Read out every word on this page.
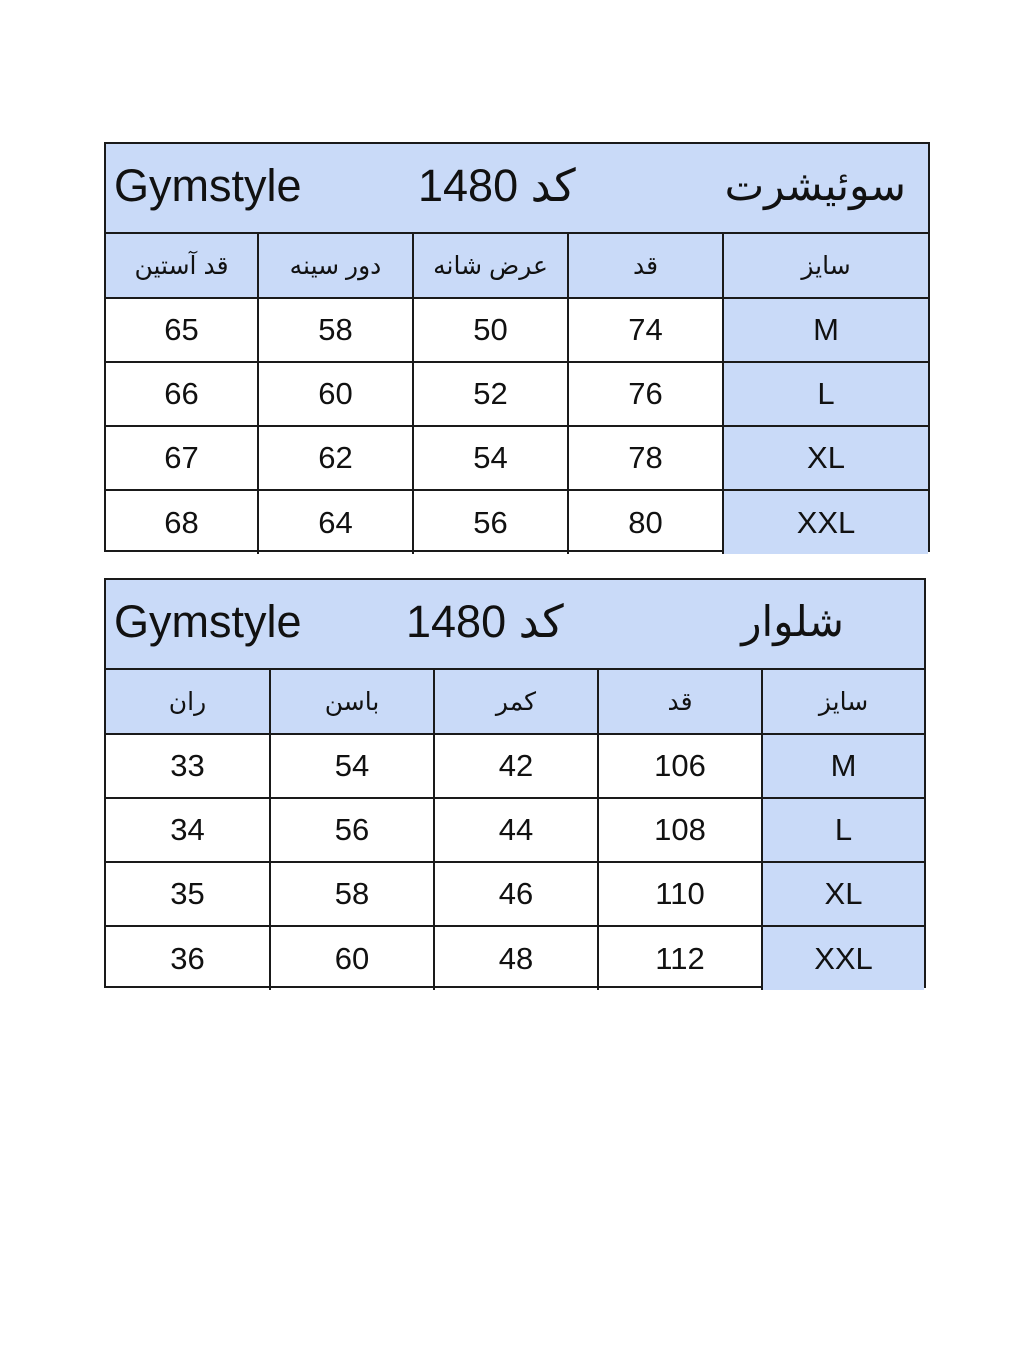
Gymstyle	کد 1480	سوئیشرت
قد آستین	دور سینه	عرض شانه	قد	سایز
65	58	50	74	M
66	60	52	76	L
67	62	54	78	XL
68	64	56	80	XXL
Gymstyle کد 1480	شلوار
ران	باسن	کمر	قد	سایز
33	54	42	106	M
34	56	44	108	L
35	58	46	110	XL
36	60	48	112	XXL
